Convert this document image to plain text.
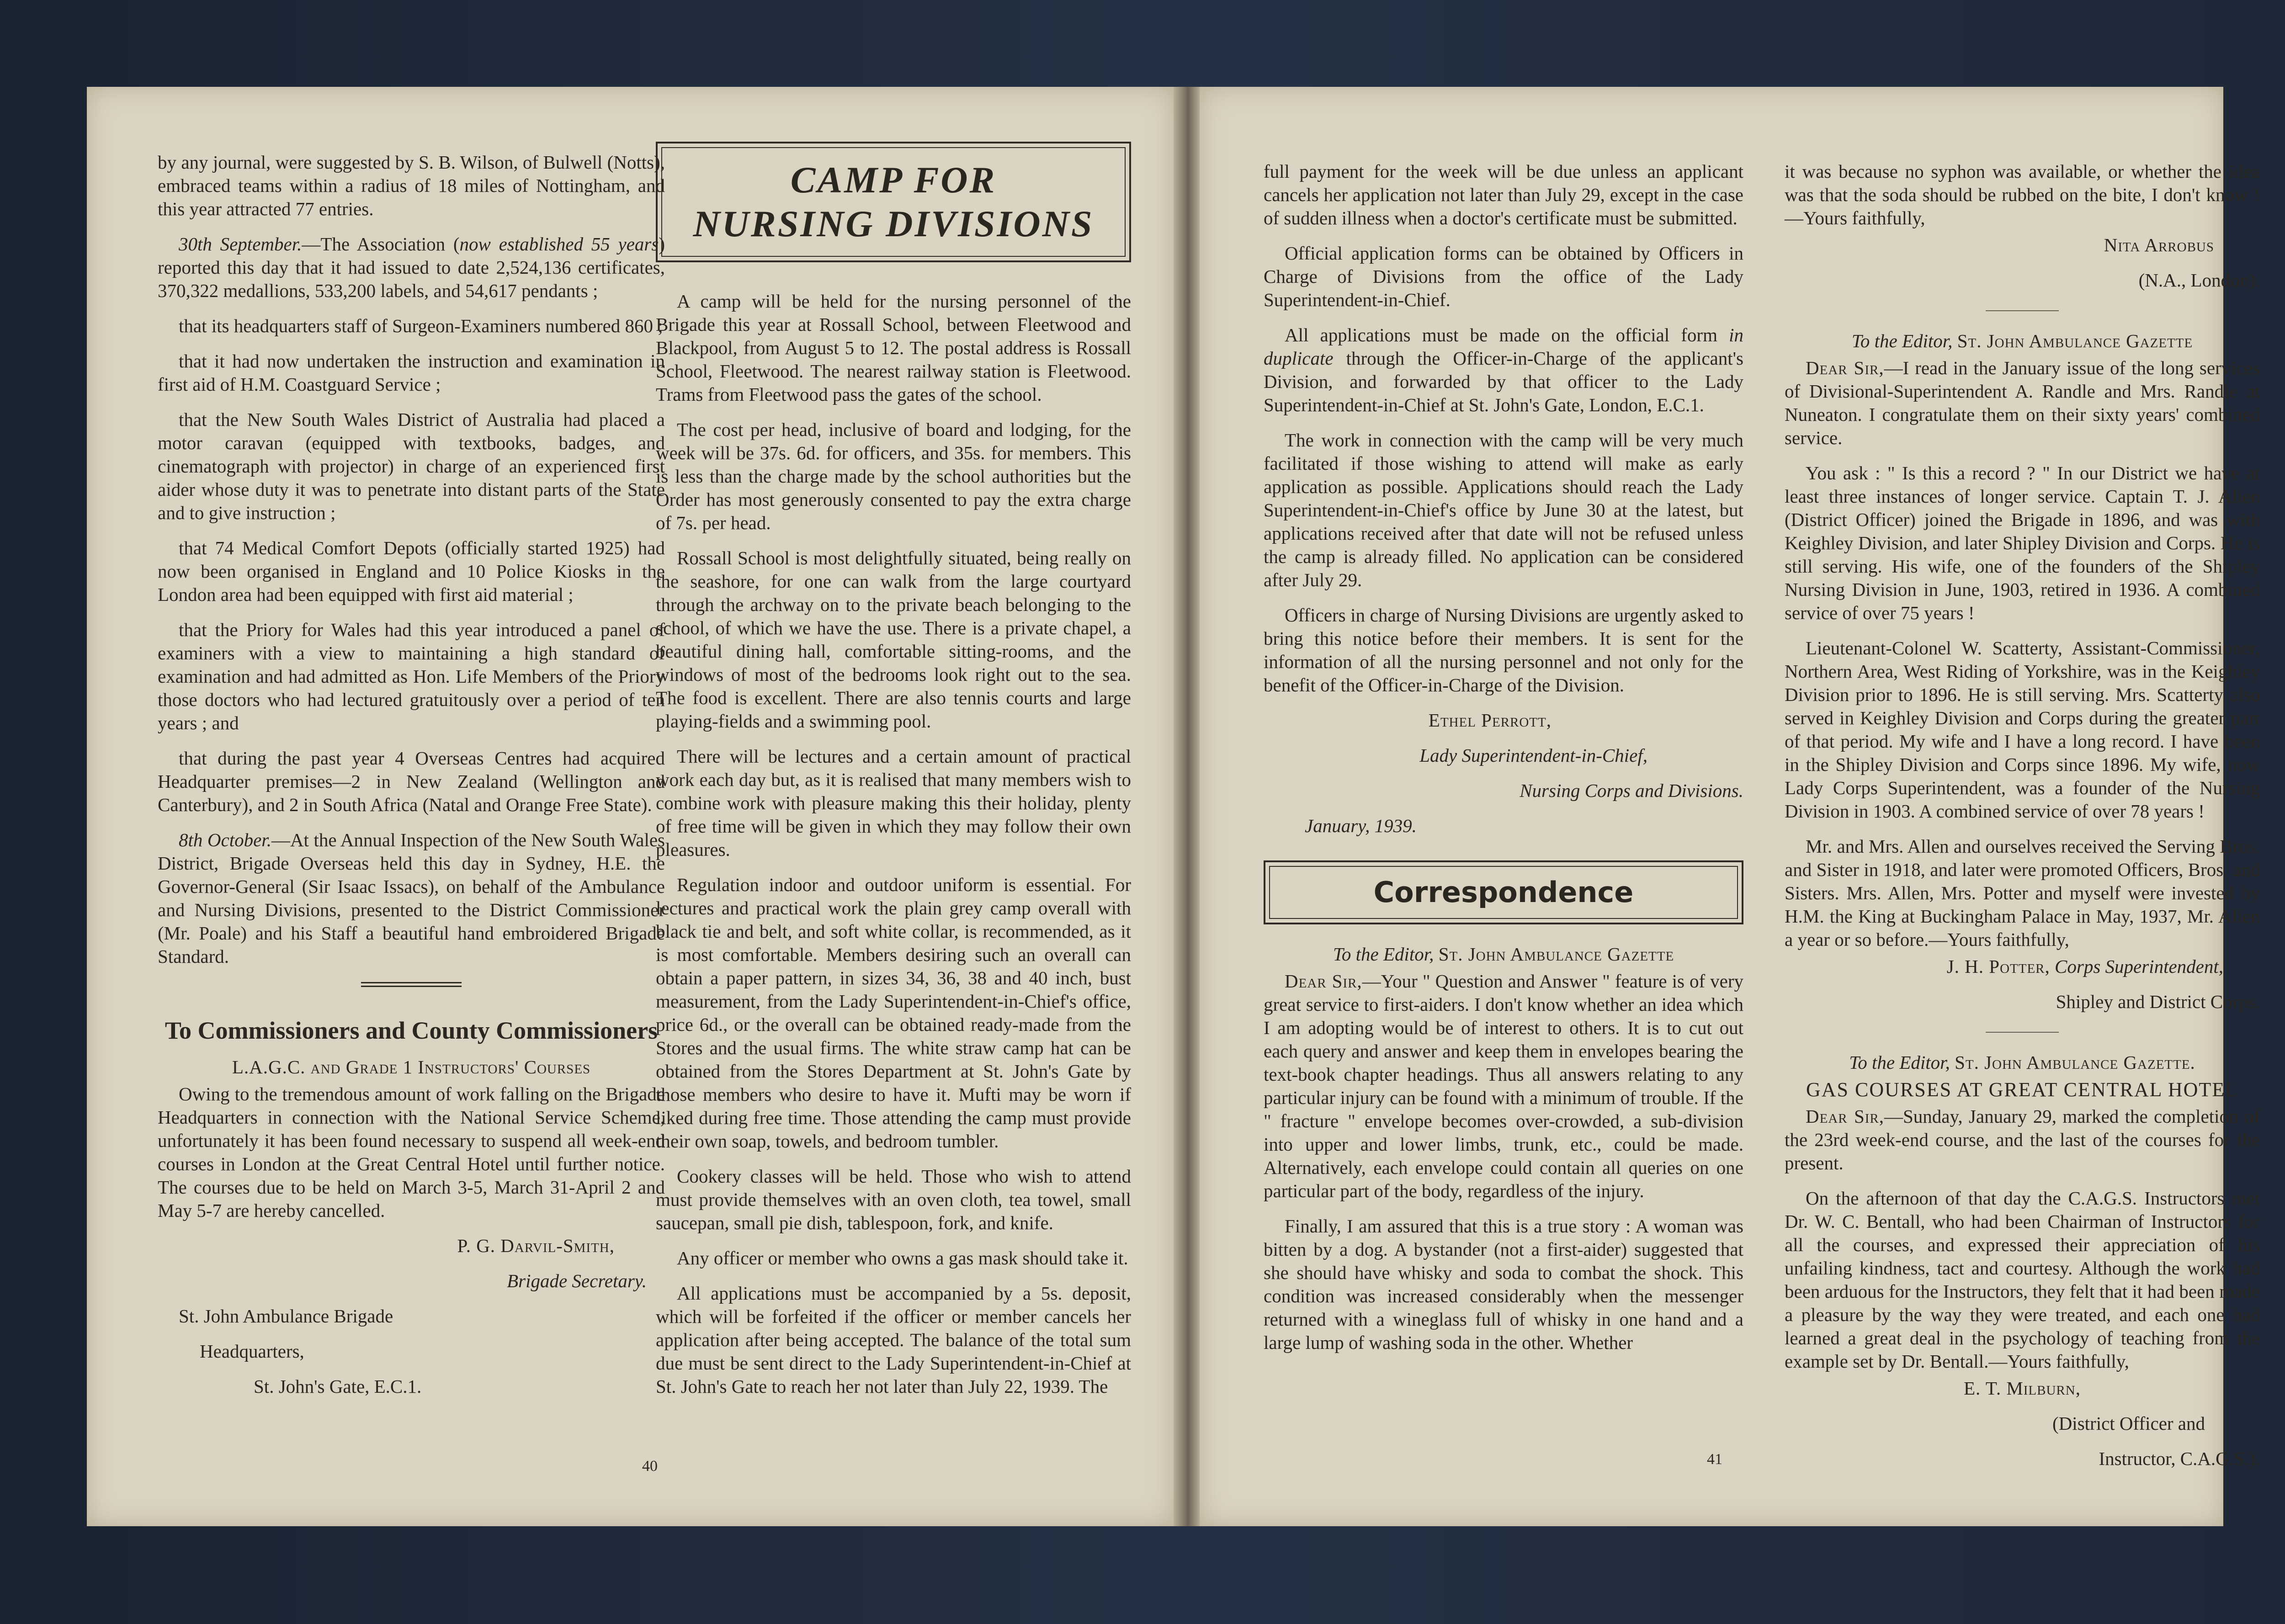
by any journal, were suggested by S. B. Wilson, of Bulwell (Notts), embraced teams within a radius of 18 miles of Nottingham, and this year attracted 77 entries.

30th September.—The Association (now established 55 years) reported this day that it had issued to date 2,524,136 certificates, 370,322 medallions, 533,200 labels, and 54,617 pendants ;

that its headquarters staff of Surgeon-Examiners numbered 860 ;

that it had now undertaken the instruction and examination in first aid of H.M. Coastguard Service ;

that the New South Wales District of Australia had placed a motor caravan (equipped with textbooks, badges, and cinematograph with projector) in charge of an experienced first aider whose duty it was to penetrate into distant parts of the State and to give instruction ;

that 74 Medical Comfort Depots (officially started 1925) had now been organised in England and 10 Police Kiosks in the London area had been equipped with first aid material ;

that the Priory for Wales had this year introduced a panel of examiners with a view to maintaining a high standard of examination and had admitted as Hon. Life Members of the Priory those doctors who had lectured gratuitously over a period of ten years ; and

that during the past year 4 Overseas Centres had acquired Headquarter premises—2 in New Zealand (Wellington and Canterbury), and 2 in South Africa (Natal and Orange Free State).

8th October.—At the Annual Inspection of the New South Wales District, Brigade Overseas held this day in Sydney, H.E. the Governor-General (Sir Isaac Issacs), on behalf of the Ambulance and Nursing Divisions, presented to the District Commissioner (Mr. Poale) and his Staff a beautiful hand embroidered Brigade Standard.

To Commissioners and County Commissioners

L.A.G.C. and Grade 1 Instructors' Courses

Owing to the tremendous amount of work falling on the Brigade Headquarters in connection with the National Service Scheme, unfortunately it has been found necessary to suspend all week-end courses in London at the Great Central Hotel until further notice. The courses due to be held on March 3-5, March 31-April 2 and May 5-7 are hereby cancelled.

P. G. Darvil-Smith,

Brigade Secretary.

St. John Ambulance Brigade

Headquarters,

St. John's Gate, E.C.1.

CAMP FOR
NURSING DIVISIONS

A camp will be held for the nursing personnel of the Brigade this year at Rossall School, between Fleetwood and Blackpool, from August 5 to 12. The postal address is Rossall School, Fleetwood. The nearest railway station is Fleetwood. Trams from Fleetwood pass the gates of the school.

The cost per head, inclusive of board and lodging, for the week will be 37s. 6d. for officers, and 35s. for members. This is less than the charge made by the school authorities but the Order has most generously consented to pay the extra charge of 7s. per head.

Rossall School is most delightfully situated, being really on the seashore, for one can walk from the large courtyard through the archway on to the private beach belonging to the school, of which we have the use. There is a private chapel, a beautiful dining hall, comfortable sitting-rooms, and the windows of most of the bedrooms look right out to the sea. The food is excellent. There are also tennis courts and large playing-fields and a swimming pool.

There will be lectures and a certain amount of practical work each day but, as it is realised that many members wish to combine work with pleasure making this their holiday, plenty of free time will be given in which they may follow their own pleasures.

Regulation indoor and outdoor uniform is essential. For lectures and practical work the plain grey camp overall with black tie and belt, and soft white collar, is recommended, as it is most comfortable. Members desiring such an overall can obtain a paper pattern, in sizes 34, 36, 38 and 40 inch, bust measurement, from the Lady Superintendent-in-Chief's office, price 6d., or the overall can be obtained ready-made from the Stores and the usual firms. The white straw camp hat can be obtained from the Stores Department at St. John's Gate by those members who desire to have it. Mufti may be worn if liked during free time. Those attending the camp must provide their own soap, towels, and bedroom tumbler.

Cookery classes will be held. Those who wish to attend must provide themselves with an oven cloth, tea towel, small saucepan, small pie dish, tablespoon, fork, and knife.

Any officer or member who owns a gas mask should take it.

All applications must be accompanied by a 5s. deposit, which will be forfeited if the officer or member cancels her application after being accepted. The balance of the total sum due must be sent direct to the Lady Superintendent-in-Chief at St. John's Gate to reach her not later than July 22, 1939. The

40

full payment for the week will be due unless an applicant cancels her application not later than July 29, except in the case of sudden illness when a doctor's certificate must be submitted.

Official application forms can be obtained by Officers in Charge of Divisions from the office of the Lady Superintendent-in-Chief.

All applications must be made on the official form in duplicate through the Officer-in-Charge of the applicant's Division, and forwarded by that officer to the Lady Superintendent-in-Chief at St. John's Gate, London, E.C.1.

The work in connection with the camp will be very much facilitated if those wishing to attend will make as early application as possible. Applications should reach the Lady Superintendent-in-Chief's office by June 30 at the latest, but applications received after that date will not be refused unless the camp is already filled. No application can be considered after July 29.

Officers in charge of Nursing Divisions are urgently asked to bring this notice before their members. It is sent for the information of all the nursing personnel and not only for the benefit of the Officer-in-Charge of the Division.

Ethel Perrott,

Lady Superintendent-in-Chief,

Nursing Corps and Divisions.

January, 1939.

Correspondence

To the Editor, St. John Ambulance Gazette

Dear Sir,—Your " Question and Answer " feature is of very great service to first-aiders. I don't know whether an idea which I am adopting would be of interest to others. It is to cut out each query and answer and keep them in envelopes bearing the text-book chapter headings. Thus all answers relating to any particular injury can be found with a minimum of trouble. If the " fracture " envelope becomes over-crowded, a sub-division into upper and lower limbs, trunk, etc., could be made. Alternatively, each envelope could contain all queries on one particular part of the body, regardless of the injury.

Finally, I am assured that this is a true story : A woman was bitten by a dog. A bystander (not a first-aider) suggested that she should have whisky and soda to combat the shock. This condition was increased considerably when the messenger returned with a wineglass full of whisky in one hand and a large lump of washing soda in the other. Whether

it was because no syphon was available, or whether the idea was that the soda should be rubbed on the bite, I don't know !—Yours faithfully,

Nita Arrobus

(N.A., London).

To the Editor, St. John Ambulance Gazette

Dear Sir,—I read in the January issue of the long services of Divisional-Superintendent A. Randle and Mrs. Randle at Nuneaton. I congratulate them on their sixty years' combined service.

You ask : " Is this a record ? " In our District we have at least three instances of longer service. Captain T. J. Allen (District Officer) joined the Brigade in 1896, and was with Keighley Division, and later Shipley Division and Corps. He is still serving. His wife, one of the founders of the Shipley Nursing Division in June, 1903, retired in 1936. A combined service of over 75 years !

Lieutenant-Colonel W. Scatterty, Assistant-Commissioner, Northern Area, West Riding of Yorkshire, was in the Keighley Division prior to 1896. He is still serving. Mrs. Scatterty also served in Keighley Division and Corps during the greater part of that period. My wife and I have a long record. I have been in the Shipley Division and Corps since 1896. My wife, now Lady Corps Superintendent, was a founder of the Nursing Division in 1903. A combined service of over 78 years !

Mr. and Mrs. Allen and ourselves received the Serving Bros. and Sister in 1918, and later were promoted Officers, Bros. and Sisters. Mrs. Allen, Mrs. Potter and myself were invested by H.M. the King at Buckingham Palace in May, 1937, Mr. Allen a year or so before.—Yours faithfully,

J. H. Potter, Corps Superintendent,

Shipley and District Corps.

To the Editor, St. John Ambulance Gazette.

GAS COURSES AT GREAT CENTRAL HOTEL

Dear Sir,—Sunday, January 29, marked the completion of the 23rd week-end course, and the last of the courses for the present.

On the afternoon of that day the C.A.G.S. Instructors met Dr. W. C. Bentall, who had been Chairman of Instructors for all the courses, and expressed their appreciation of his unfailing kindness, tact and courtesy. Although the work had been arduous for the Instructors, they felt that it had been made a pleasure by the way they were treated, and each one had learned a great deal in the psychology of teaching from the example set by Dr. Bentall.—Yours faithfully,

E. T. Milburn,

(District Officer and

Instructor, C.A.G.S.).

41
